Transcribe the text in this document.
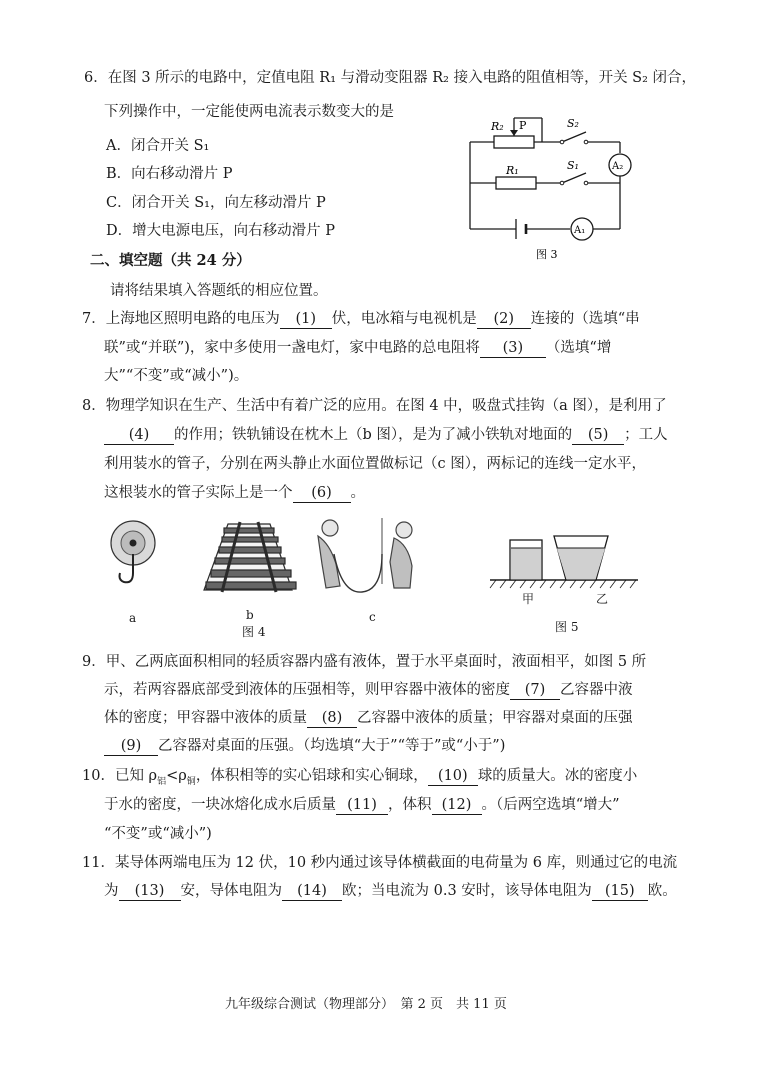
6．在图 3 所示的电路中，定值电阻 R₁ 与滑动变阻器 R₂ 接入电路的阻值相等，开关 S₂ 闭合，
下列操作中，一定能使两电流表示数变大的是
A．闭合开关 S₁
B．向右移动滑片 P
C．闭合开关 S₁，向左移动滑片 P
D．增大电源电压，向右移动滑片 P
R₂ P	S₂
R₁	S₁	A₂
A₁
图 3
二、填空题（共 24 分）
请将结果填入答题纸的相应位置。
7．上海地区照明电路的电压为 (1) 伏，电冰箱与电视机是 (2) 连接的（选填“串
联”或“并联”)，家中多使用一盏电灯，家中电路的总电阻将 (3) （选填“增
大”“不变”或“减小”)。
8．物理学知识在生产、生活中有着广泛的应用。在图 4 中，吸盘式挂钩（a 图），是利用了
(4) 的作用；铁轨铺设在枕木上（b 图），是为了减小铁轨对地面的 (5) ；工人
利用装水的管子，分别在两头静止水面位置做标记（c 图），两标记的连线一定水平，
这根装水的管子实际上是一个 (6) 。
a	b	c
图 4
甲	乙
图 5
9．甲、乙两底面积相同的轻质容器内盛有液体，置于水平桌面时，液面相平，如图 5 所
示，若两容器底部受到液体的压强相等，则甲容器中液体的密度 (7) 乙容器中液
体的密度；甲容器中液体的质量 (8) 乙容器中液体的质量；甲容器对桌面的压强
(9) 乙容器对桌面的压强。（均选填“大于”“等于”或“小于”)
10．已知 $\rho_铝<\rho_铜$，体积相等的实心铝球和实心铜球， (10) 球的质量大。冰的密度小
于水的密度，一块冰熔化成水后质量 (11) ，体积 (12) 。（后两空选填“增大”
“不变”或“减小”)
11．某导体两端电压为 12 伏，10 秒内通过该导体横截面的电荷量为 6 库，则通过它的电流
为 (13) 安，导体电阻为 (14) 欧；当电流为 0.3 安时，该导体电阻为 (15) 欧。
九年级综合测试（物理部分）　第 2 页　共 11 页
